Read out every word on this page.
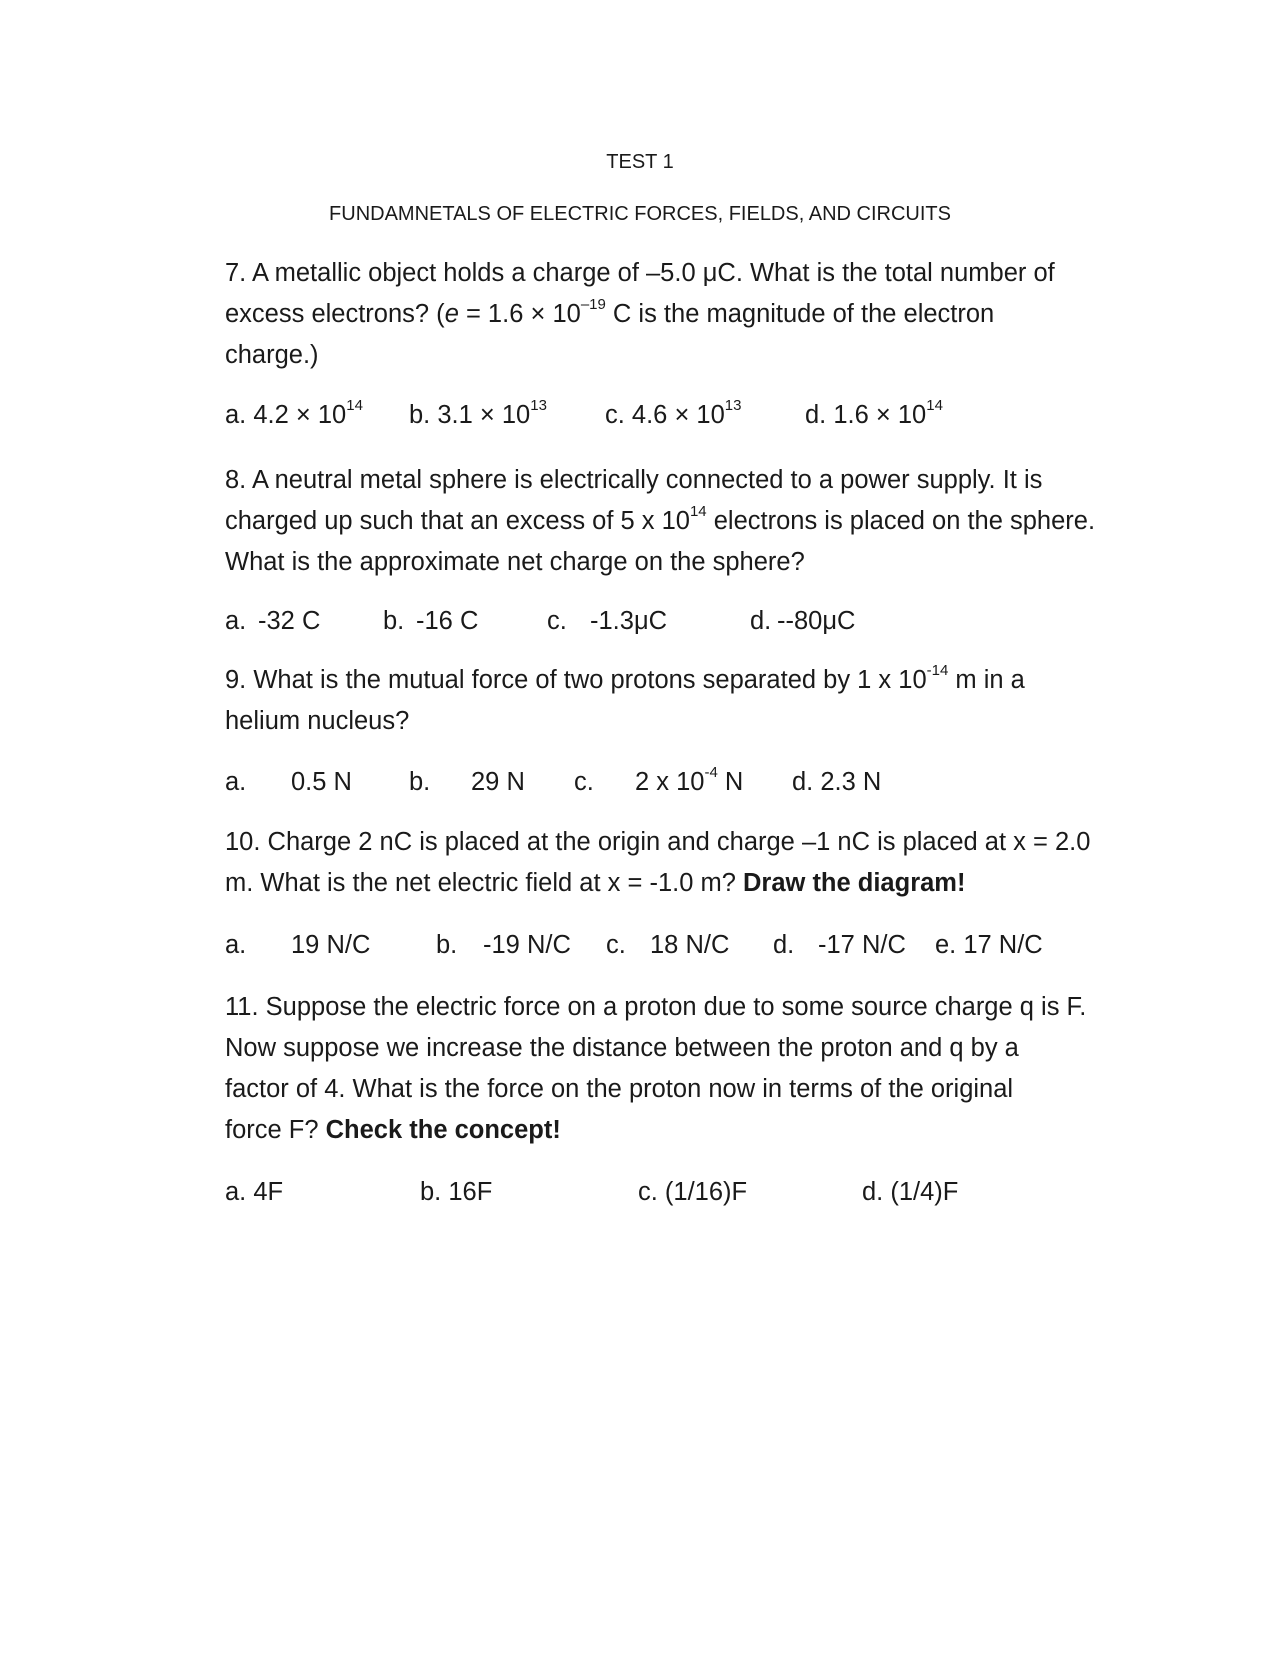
TEST 1
FUNDAMNETALS OF ELECTRIC FORCES, FIELDS, AND CIRCUITS
7. A metallic object holds a charge of –5.0 μC. What is the total number of
excess electrons? ($e = 1.6 \times 10^{-19}$ C is the magnitude of the electron
charge.)
a. $4.2 \times 10^{14}$ b. $3.1 \times 10^{13}$ c. $4.6 \times 10^{13}$ d. $1.6 \times 10^{14}$
8. A neutral metal sphere is electrically connected to a power supply. It is
charged up such that an excess of 5 x $10^{14}$ electrons is placed on the sphere.
What is the approximate net charge on the sphere?
a. -32 C b. -16 C	c. -1.3μC	d. --80μC
9. What is the mutual force of two protons separated by 1 x $10^{-14}$ m in a
helium nucleus?
a. 0.5 N b. 29 N c. 2 x $10^{-4}$ N d. 2.3 N
10. Charge 2 nC is placed at the origin and charge –1 nC is placed at x = 2.0
m. What is the net electric field at x = -1.0 m? Draw the diagram!
a. 19 N/C	b. -19 N/C c. 18 N/C d. -17 N/C e. 17 N/C
11. Suppose the electric force on a proton due to some source charge q is F.
Now suppose we increase the distance between the proton and q by a
factor of 4. What is the force on the proton now in terms of the original
force F? Check the concept!
a. 4F	b. 16F	c. (1/16)F	d. (1/4)F
